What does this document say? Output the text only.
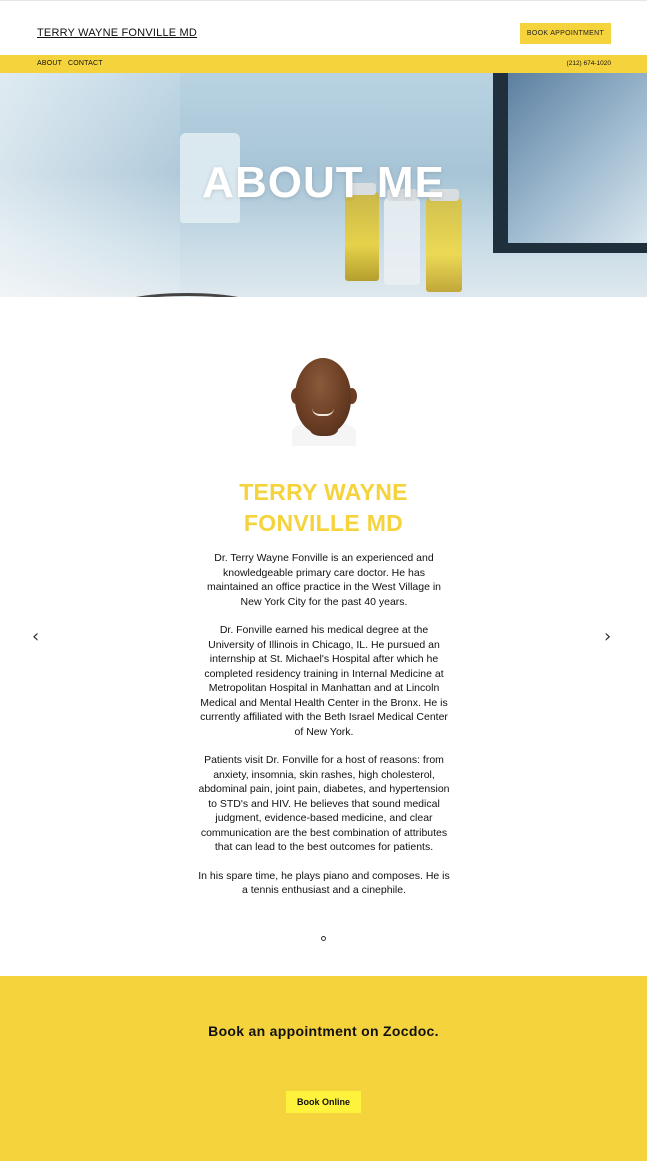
TERRY WAYNE FONVILLE MD	BOOK APPOINTMENT
ABOUT CONTACT	(212) 674-1020
ABOUT ME
TERRY WAYNE
FONVILLE MD

Dr. Terry Wayne Fonville is an experienced and knowledgeable primary care doctor. He has maintained an office practice in the West Village in New York City for the past 40 years.

Dr. Fonville earned his medical degree at the University of Illinois in Chicago, IL. He pursued an internship at St. Michael's Hospital after which he completed residency training in Internal Medicine at Metropolitan Hospital in Manhattan and at Lincoln Medical and Mental Health Center in the Bronx. He is currently affiliated with the Beth Israel Medical Center of New York.

Patients visit Dr. Fonville for a host of reasons: from anxiety, insomnia, skin rashes, high cholesterol, abdominal pain, joint pain, diabetes, and hypertension to STD's and HIV. He believes that sound medical judgment, evidence-based medicine, and clear communication are the best combination of attributes that can lead to the best outcomes for patients.

In his spare time, he plays piano and composes. He is a tennis enthusiast and a cinephile.

‹	›
Book an appointment on Zocdoc.
Book Online
